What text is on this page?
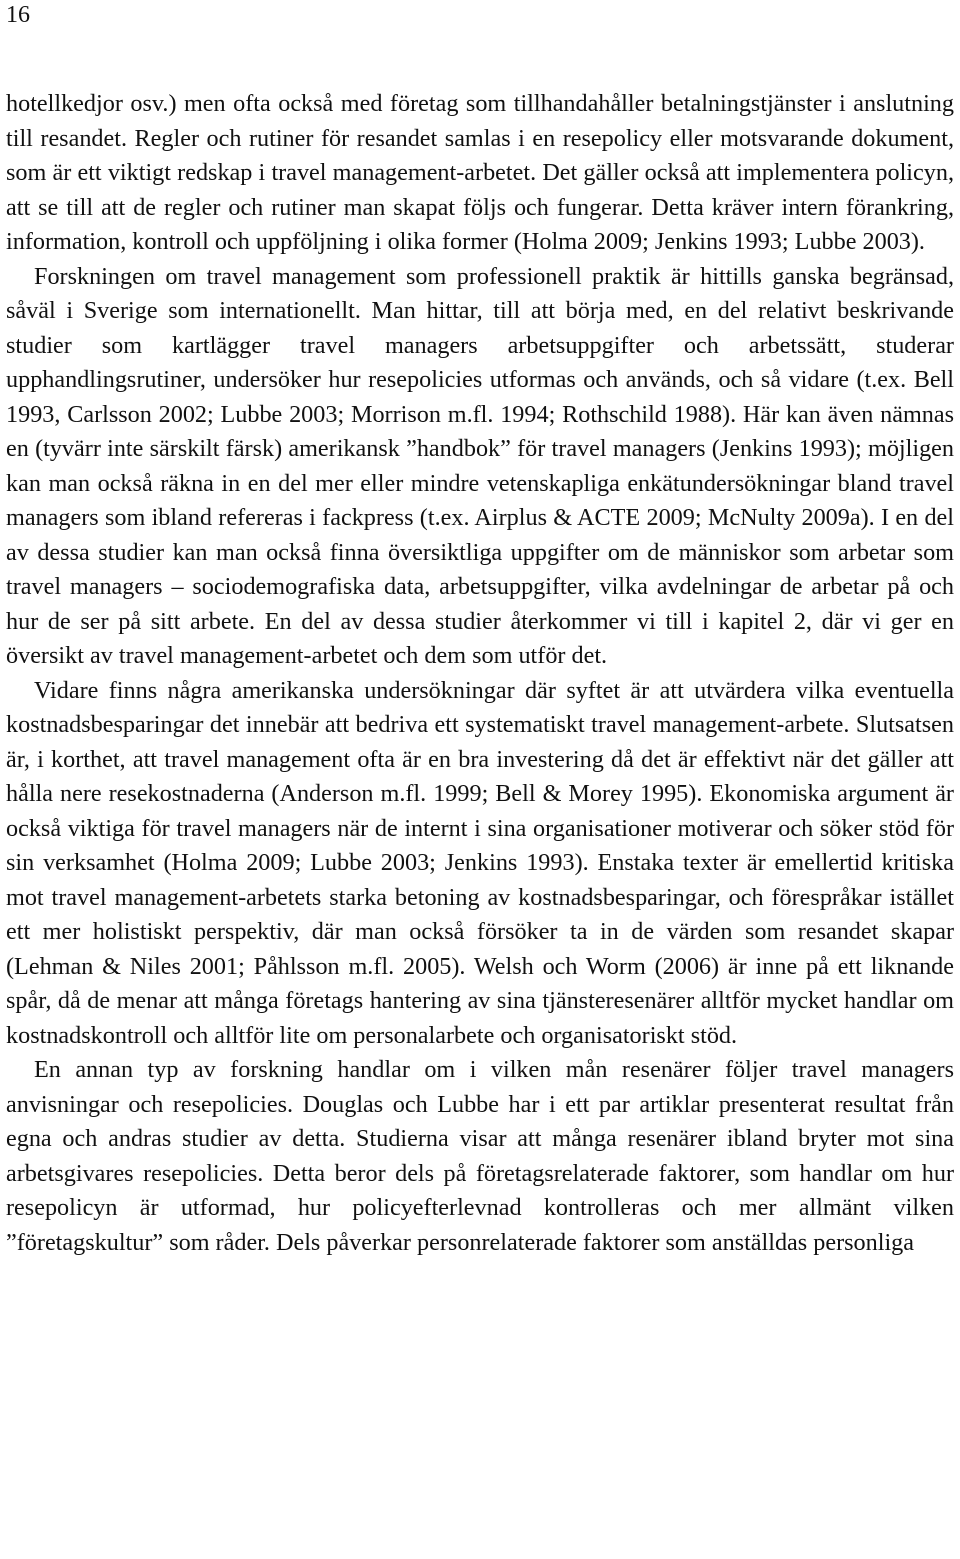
16

hotellkedjor osv.) men ofta också med företag som tillhandahåller betalningstjänster i anslutning till resandet. Regler och rutiner för resandet samlas i en resepolicy eller motsvarande dokument, som är ett viktigt redskap i travel management-arbetet. Det gäller också att implementera policyn, att se till att de regler och rutiner man skapat följs och fungerar. Detta kräver intern förankring, information, kontroll och uppföljning i olika former (Holma 2009; Jenkins 1993; Lubbe 2003).

Forskningen om travel management som professionell praktik är hittills ganska begränsad, såväl i Sverige som internationellt. Man hittar, till att börja med, en del relativt beskrivande studier som kartlägger travel managers arbetsuppgifter och arbetssätt, studerar upphandlingsrutiner, undersöker hur resepolicies utformas och används, och så vidare (t.ex. Bell 1993, Carlsson 2002; Lubbe 2003; Morrison m.fl. 1994; Rothschild 1988). Här kan även nämnas en (tyvärr inte särskilt färsk) amerikansk ”handbok” för travel managers (Jenkins 1993); möjligen kan man också räkna in en del mer eller mindre vetenskapliga enkätundersökningar bland travel managers som ibland refereras i fackpress (t.ex. Airplus & ACTE 2009; McNulty 2009a). I en del av dessa studier kan man också finna översiktliga uppgifter om de människor som arbetar som travel managers – sociodemografiska data, arbetsuppgifter, vilka avdelningar de arbetar på och hur de ser på sitt arbete. En del av dessa studier återkommer vi till i kapitel 2, där vi ger en översikt av travel management-arbetet och dem som utför det.

Vidare finns några amerikanska undersökningar där syftet är att utvärdera vilka eventuella kostnadsbesparingar det innebär att bedriva ett systematiskt travel management-arbete. Slutsatsen är, i korthet, att travel management ofta är en bra investering då det är effektivt när det gäller att hålla nere resekostnaderna (Anderson m.fl. 1999; Bell & Morey 1995). Ekonomiska argument är också viktiga för travel managers när de internt i sina organisationer motiverar och söker stöd för sin verksamhet (Holma 2009; Lubbe 2003; Jenkins 1993). Enstaka texter är emellertid kritiska mot travel management-arbetets starka betoning av kostnadsbesparingar, och förespråkar istället ett mer holistiskt perspektiv, där man också försöker ta in de värden som resandet skapar (Lehman & Niles 2001; Påhlsson m.fl. 2005). Welsh och Worm (2006) är inne på ett liknande spår, då de menar att många företags hantering av sina tjänsteresenärer alltför mycket handlar om kostnadskontroll och alltför lite om personalarbete och organisatoriskt stöd.

En annan typ av forskning handlar om i vilken mån resenärer följer travel managers anvisningar och resepolicies. Douglas och Lubbe har i ett par artiklar presenterat resultat från egna och andras studier av detta. Studierna visar att många resenärer ibland bryter mot sina arbetsgivares resepolicies. Detta beror dels på företagsrelaterade faktorer, som handlar om hur resepolicyn är utformad, hur policyefterlevnad kontrolleras och mer allmänt vilken ”företagskultur” som råder. Dels påverkar personrelaterade faktorer som anställdas personliga
